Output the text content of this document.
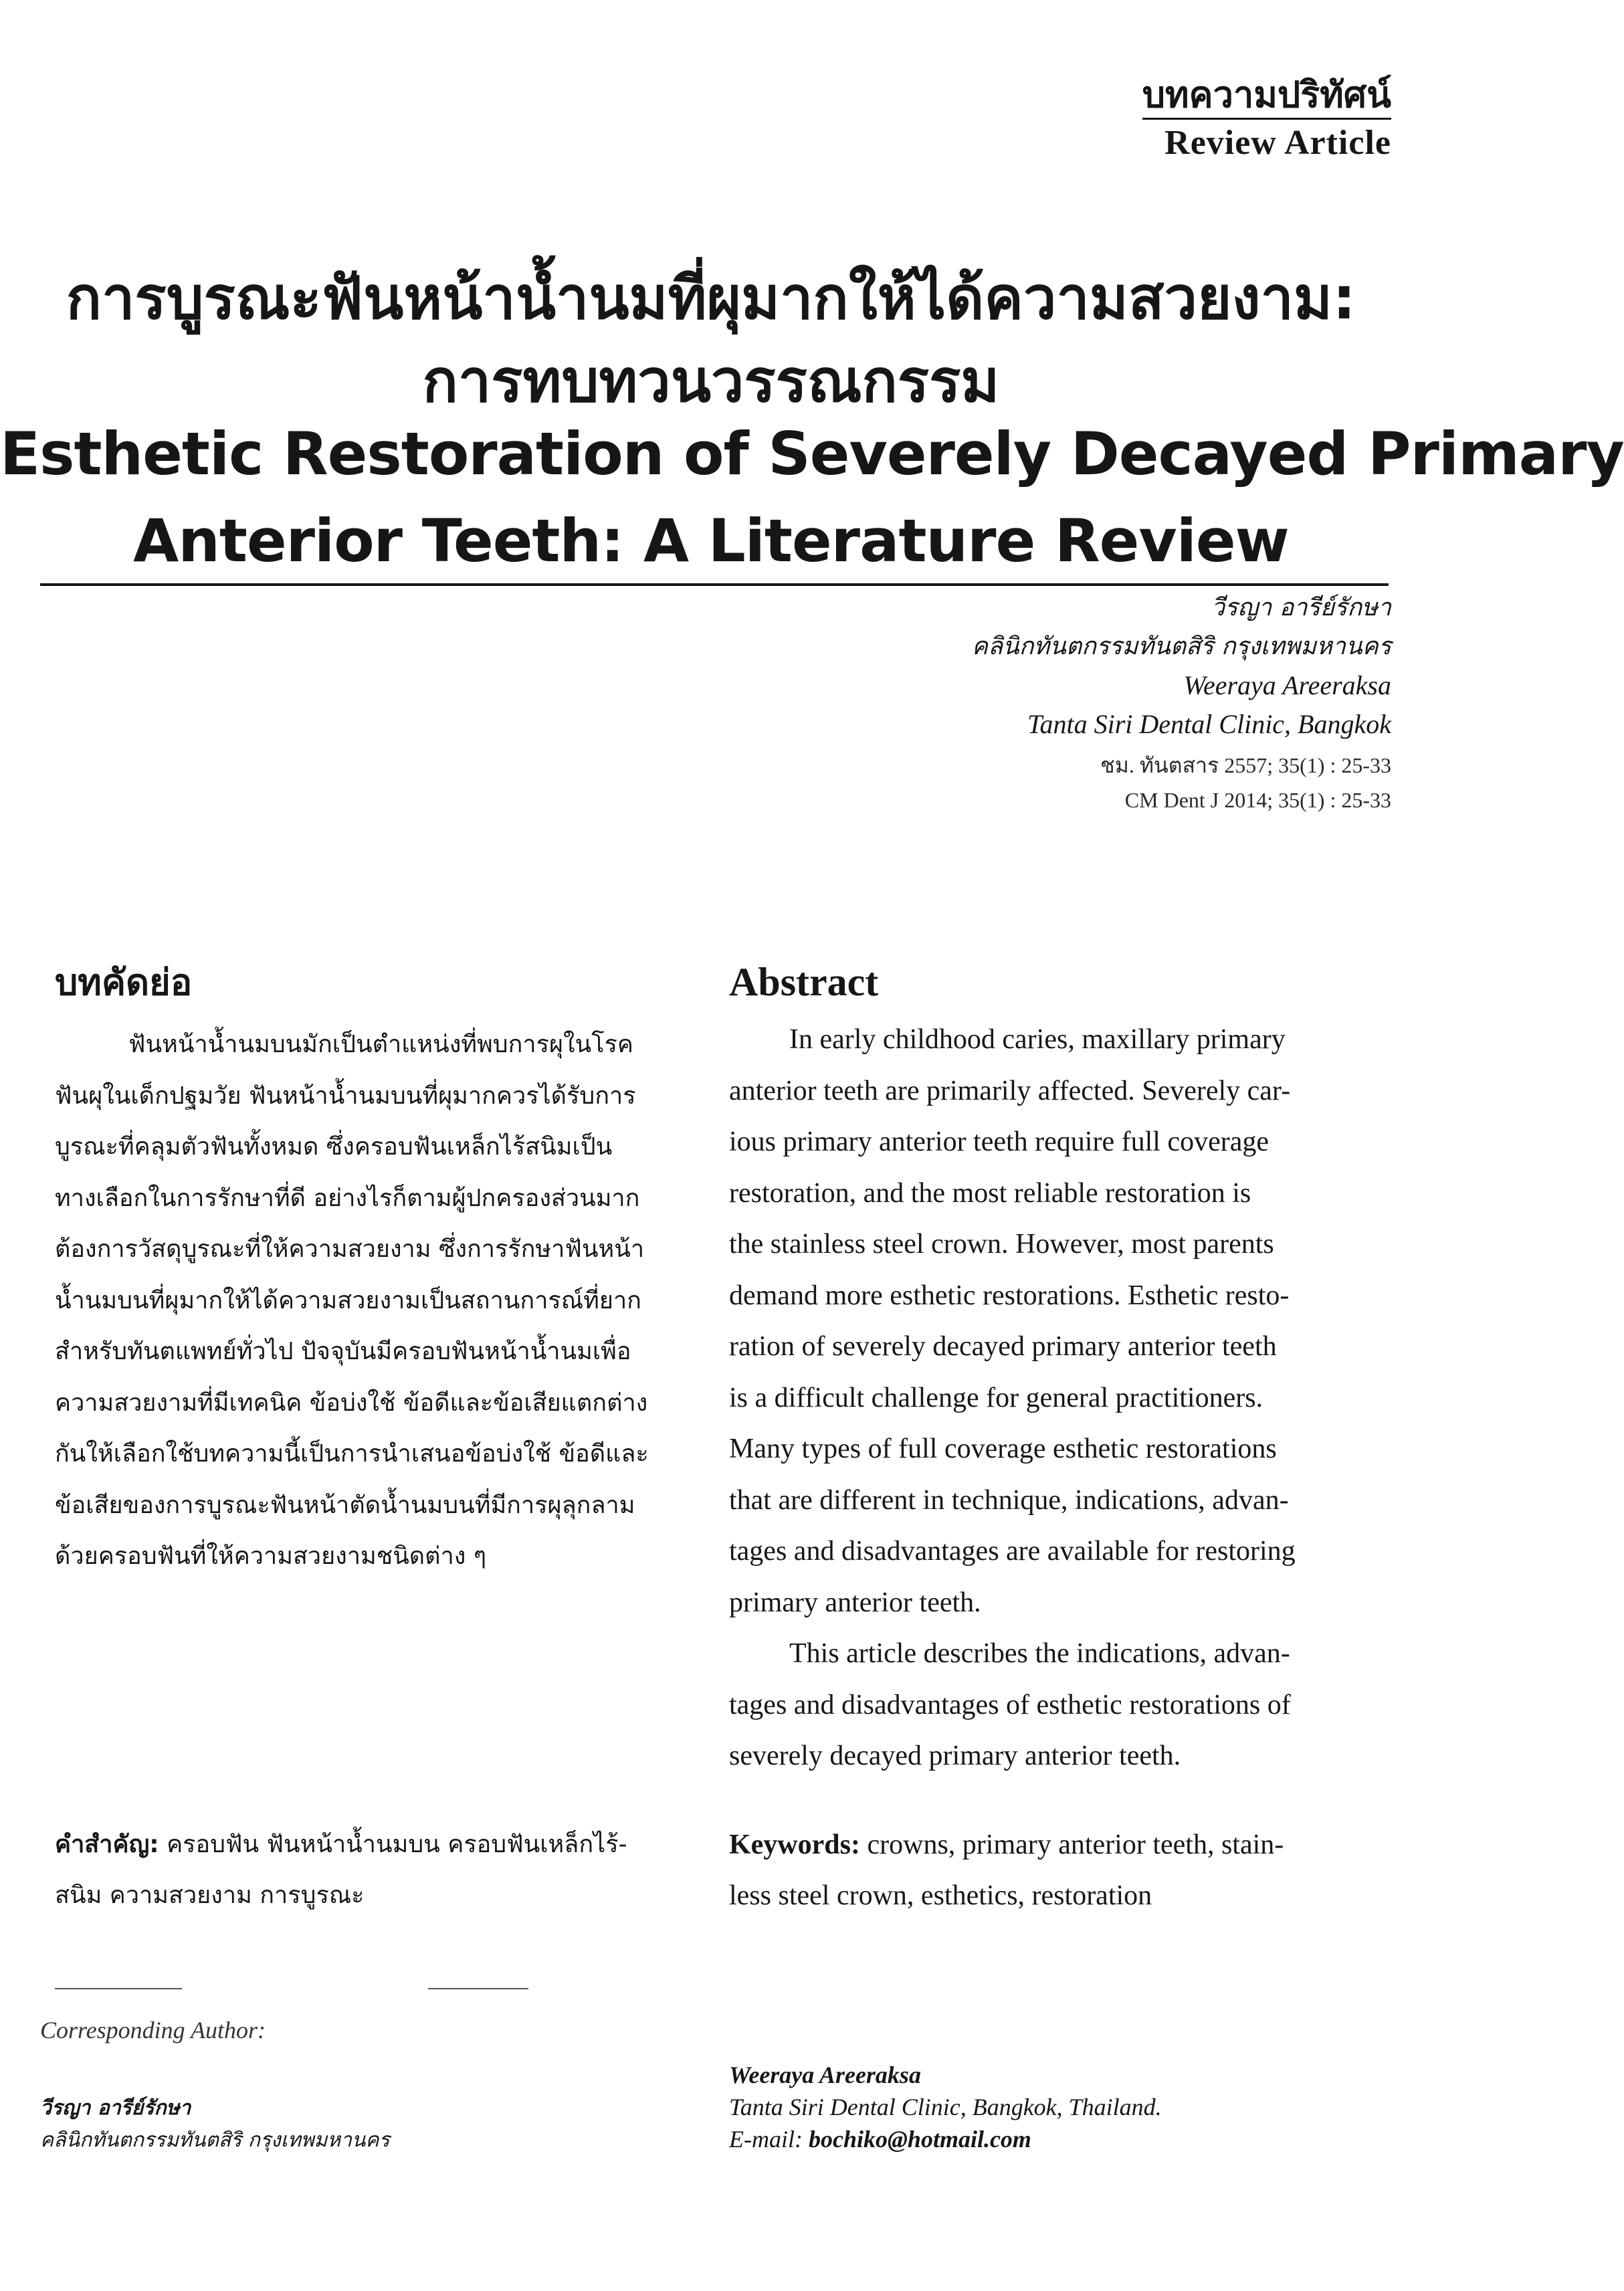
บทความปริทัศน์
Review Article
การบูรณะฟันหน้าน้ำนมที่ผุมากให้ได้ความสวยงาม:
การทบทวนวรรณกรรม
Esthetic Restoration of Severely Decayed Primary
Anterior Teeth: A Literature Review
วีรญา อารีย์รักษา
คลินิกทันตกรรมทันตสิริ กรุงเทพมหานคร
Weeraya Areeraksa
Tanta Siri Dental Clinic, Bangkok
ชม. ทันตสาร 2557; 35(1) : 25-33
CM Dent J 2014; 35(1) : 25-33
บทคัดย่อ

ฟันหน้าน้ำนมบนมักเป็นตำแหน่งที่พบการผุในโรค

ฟันผุในเด็กปฐมวัย ฟันหน้าน้ำนมบนที่ผุมากควรได้รับการ

บูรณะที่คลุมตัวฟันทั้งหมด ซึ่งครอบฟันเหล็กไร้สนิมเป็น

ทางเลือกในการรักษาที่ดี อย่างไรก็ตามผู้ปกครองส่วนมาก

ต้องการวัสดุบูรณะที่ให้ความสวยงาม ซึ่งการรักษาฟันหน้า

น้ำนมบนที่ผุมากให้ได้ความสวยงามเป็นสถานการณ์ที่ยาก

สำหรับทันตแพทย์ทั่วไป ปัจจุบันมีครอบฟันหน้าน้ำนมเพื่อ

ความสวยงามที่มีเทคนิค ข้อบ่งใช้ ข้อดีและข้อเสียแตกต่าง

กันให้เลือกใช้บทความนี้เป็นการนำเสนอข้อบ่งใช้ ข้อดีและ

ข้อเสียของการบูรณะฟันหน้าตัดน้ำนมบนที่มีการผุลุกลาม

ด้วยครอบฟันที่ให้ความสวยงามชนิดต่าง ๆ

Abstract

In early childhood caries, maxillary primary

anterior teeth are primarily affected. Severely car-

ious primary anterior teeth require full coverage

restoration, and the most reliable restoration is

the stainless steel crown. However, most parents

demand more esthetic restorations. Esthetic resto-

ration of severely decayed primary anterior teeth

is a difficult challenge for general practitioners.

Many types of full coverage esthetic restorations

that are different in technique, indications, advan-

tages and disadvantages are available for restoring

primary anterior teeth.

This article describes the indications, advan-

tages and disadvantages of esthetic restorations of

severely decayed primary anterior teeth.

คำสำคัญ: ครอบฟัน ฟันหน้าน้ำนมบน ครอบฟันเหล็กไร้-
สนิม ความสวยงาม การบูรณะ
Keywords: crowns, primary anterior teeth, stain-
less steel crown, esthetics, restoration
Corresponding Author:
วีรญา อารีย์รักษา
คลินิกทันตกรรมทันตสิริ กรุงเทพมหานคร
Weeraya Areeraksa
Tanta Siri Dental Clinic, Bangkok, Thailand.
E-mail: bochiko@hotmail.com
